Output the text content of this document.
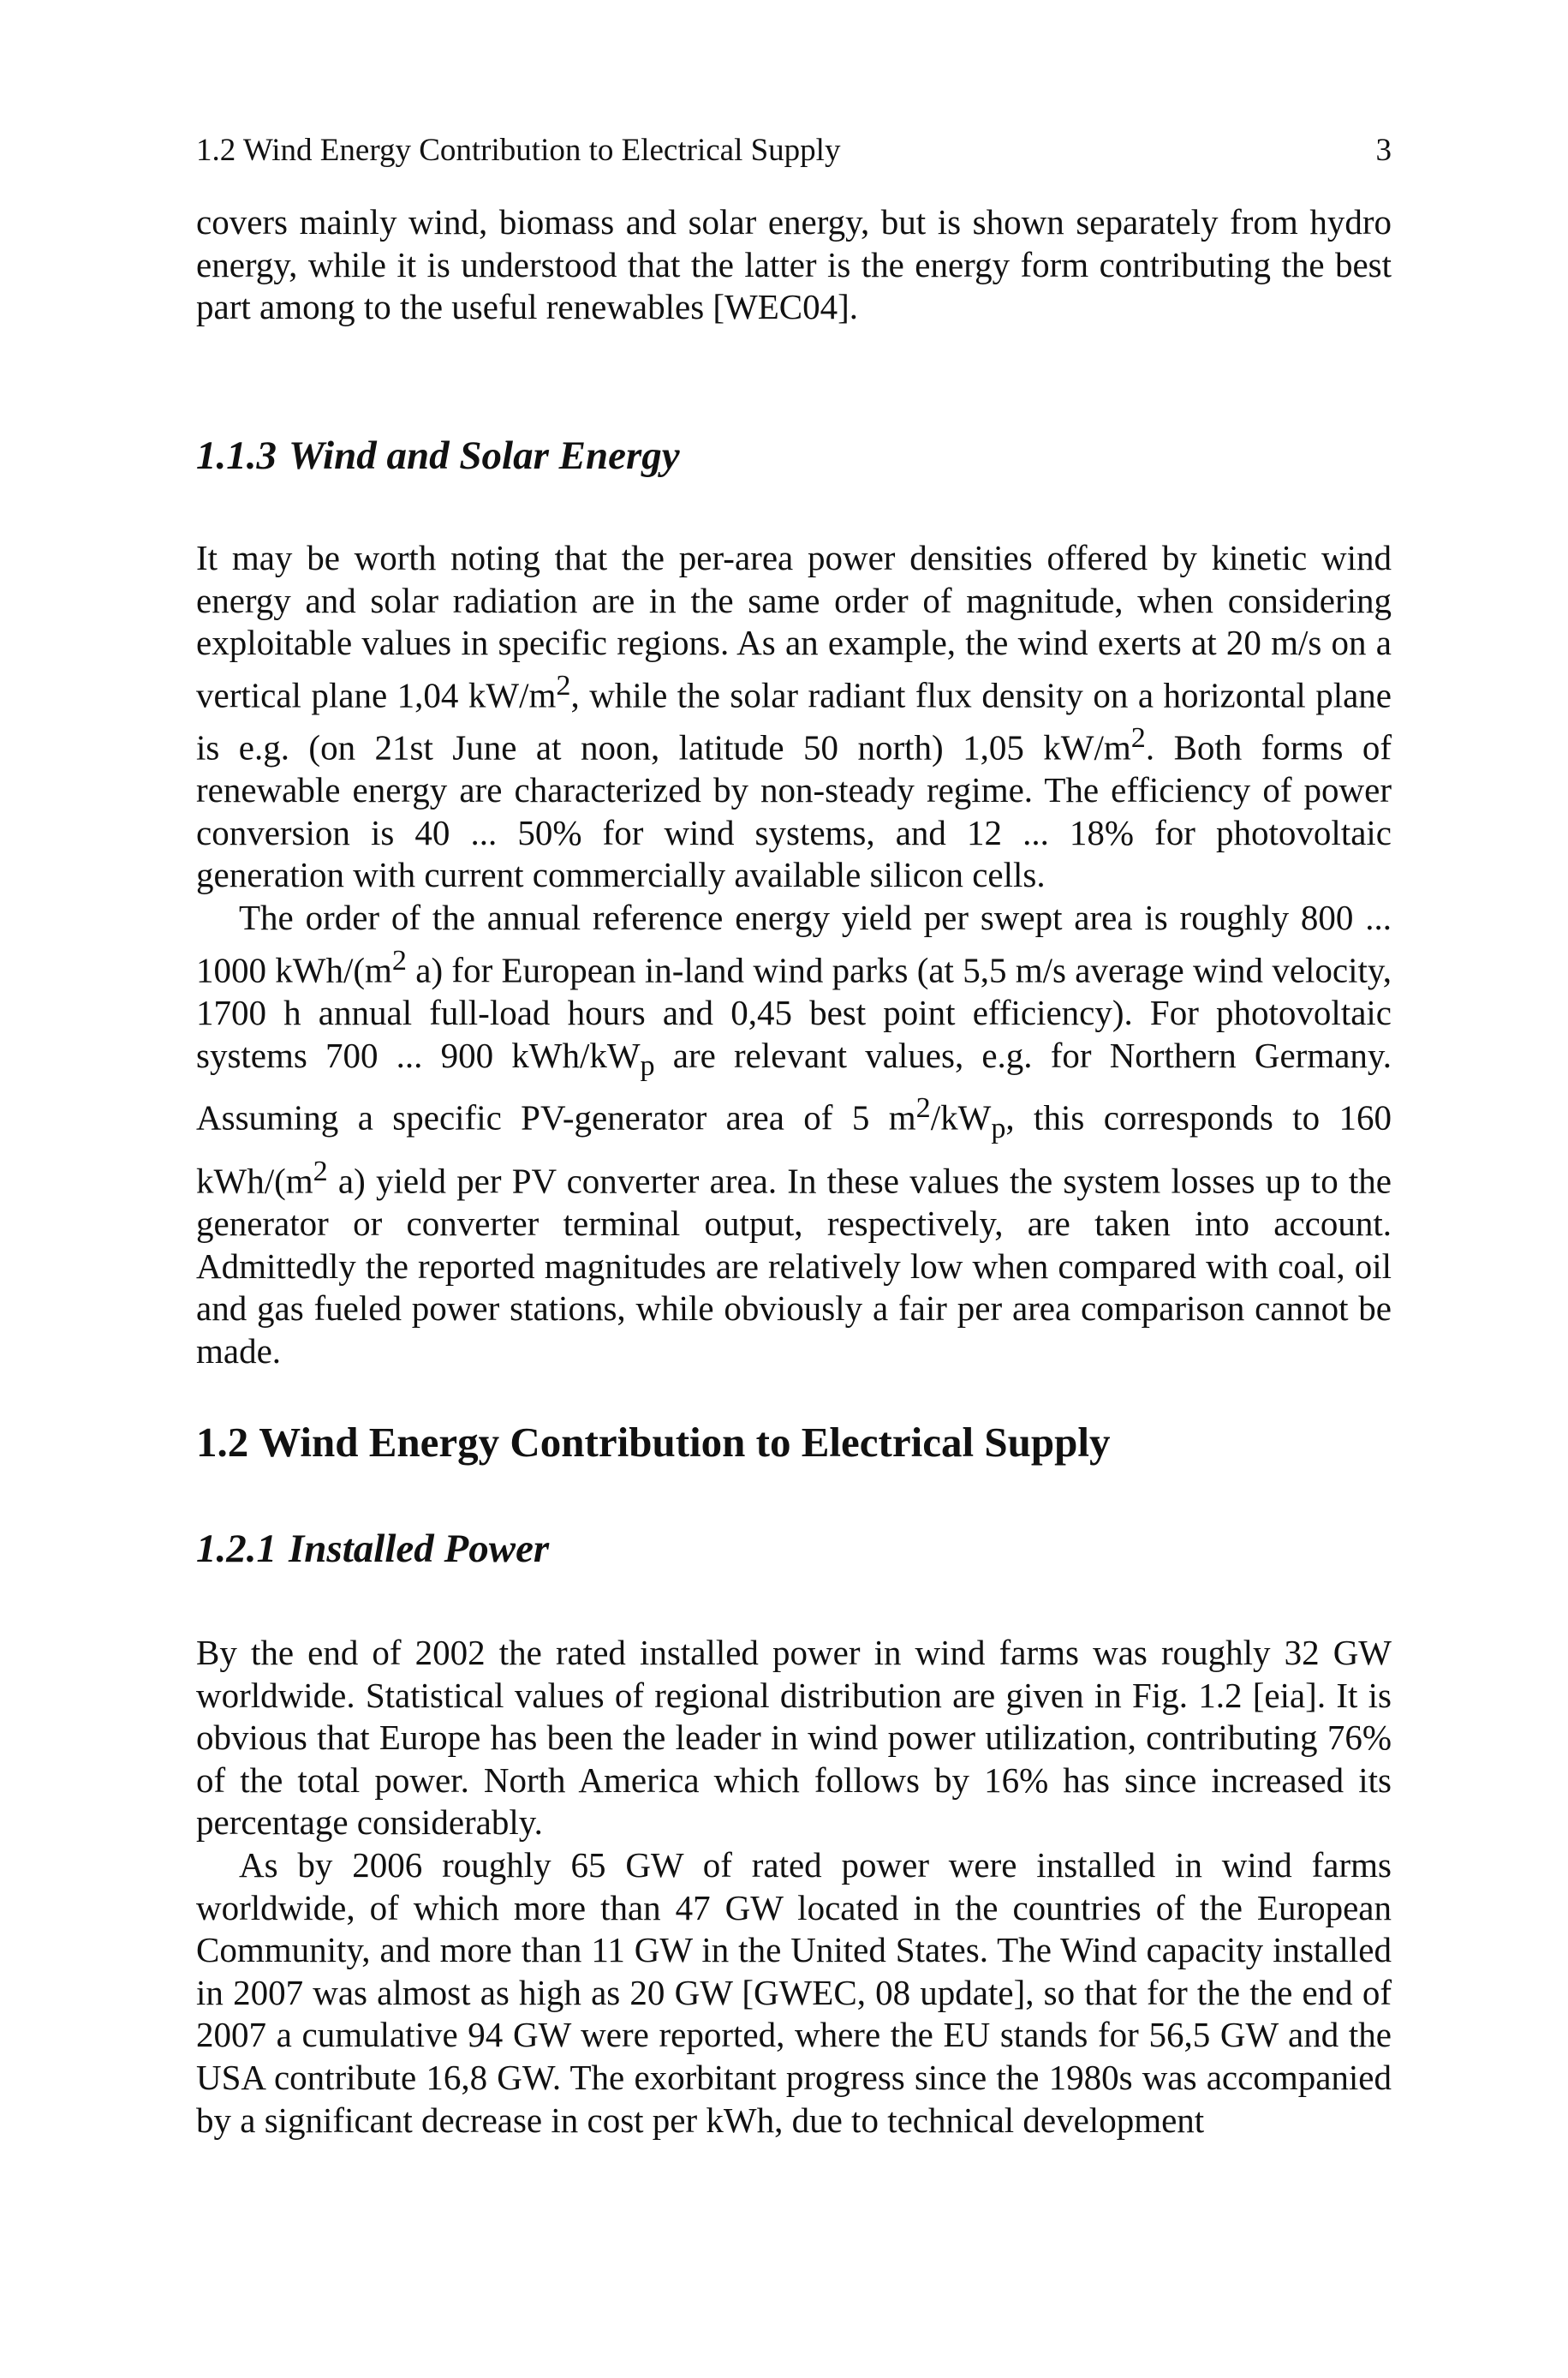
1.2 Wind Energy Contribution to Electrical Supply	3

covers mainly wind, biomass and solar energy, but is shown separately from hydro energy, while it is understood that the latter is the energy form contributing the best part among to the useful renewables [WEC04].

1.1.3 Wind and Solar Energy

It may be worth noting that the per-area power densities offered by kinetic wind energy and solar radiation are in the same order of magnitude, when considering exploitable values in specific regions. As an example, the wind exerts at 20 m/s on a vertical plane 1,04 $kW/m^2$, while the solar radiant flux density on a horizontal plane is e.g. (on 21st June at noon, latitude 50 north) 1,05 $kW/m^2$. Both forms of renewable energy are characterized by non-steady regime. The efficiency of power conversion is 40 ... 50% for wind systems, and 12 ... 18% for photovoltaic generation with current commercially available silicon cells.

The order of the annual reference energy yield per swept area is roughly 800 ... 1000 kWh/($m^2$ a) for European in-land wind parks (at 5,5 m/s average wind velocity, 1700 h annual full-load hours and 0,45 best point efficiency). For photovoltaic systems 700 ... 900 kWh/$kW_p$ are relevant values, e.g. for Northern Germany. Assuming a specific PV-generator area of 5 $m^2/kW_p$, this corresponds to 160 kWh/($m^2$ a) yield per PV converter area. In these values the system losses up to the generator or converter terminal output, respectively, are taken into account. Admittedly the reported magnitudes are relatively low when compared with coal, oil and gas fueled power stations, while obviously a fair per area comparison cannot be made.

1.2 Wind Energy Contribution to Electrical Supply
1.2.1 Installed Power

By the end of 2002 the rated installed power in wind farms was roughly 32 GW worldwide. Statistical values of regional distribution are given in Fig. 1.2 [eia]. It is obvious that Europe has been the leader in wind power utilization, contributing 76% of the total power. North America which follows by 16% has since increased its percentage considerably.

As by 2006 roughly 65 GW of rated power were installed in wind farms worldwide, of which more than 47 GW located in the countries of the European Community, and more than 11 GW in the United States. The Wind capacity installed in 2007 was almost as high as 20 GW [GWEC, 08 update], so that for the the end of 2007 a cumulative 94 GW were reported, where the EU stands for 56,5 GW and the USA contribute 16,8 GW. The exorbitant progress since the 1980s was accompanied by a significant decrease in cost per kWh, due to technical development
